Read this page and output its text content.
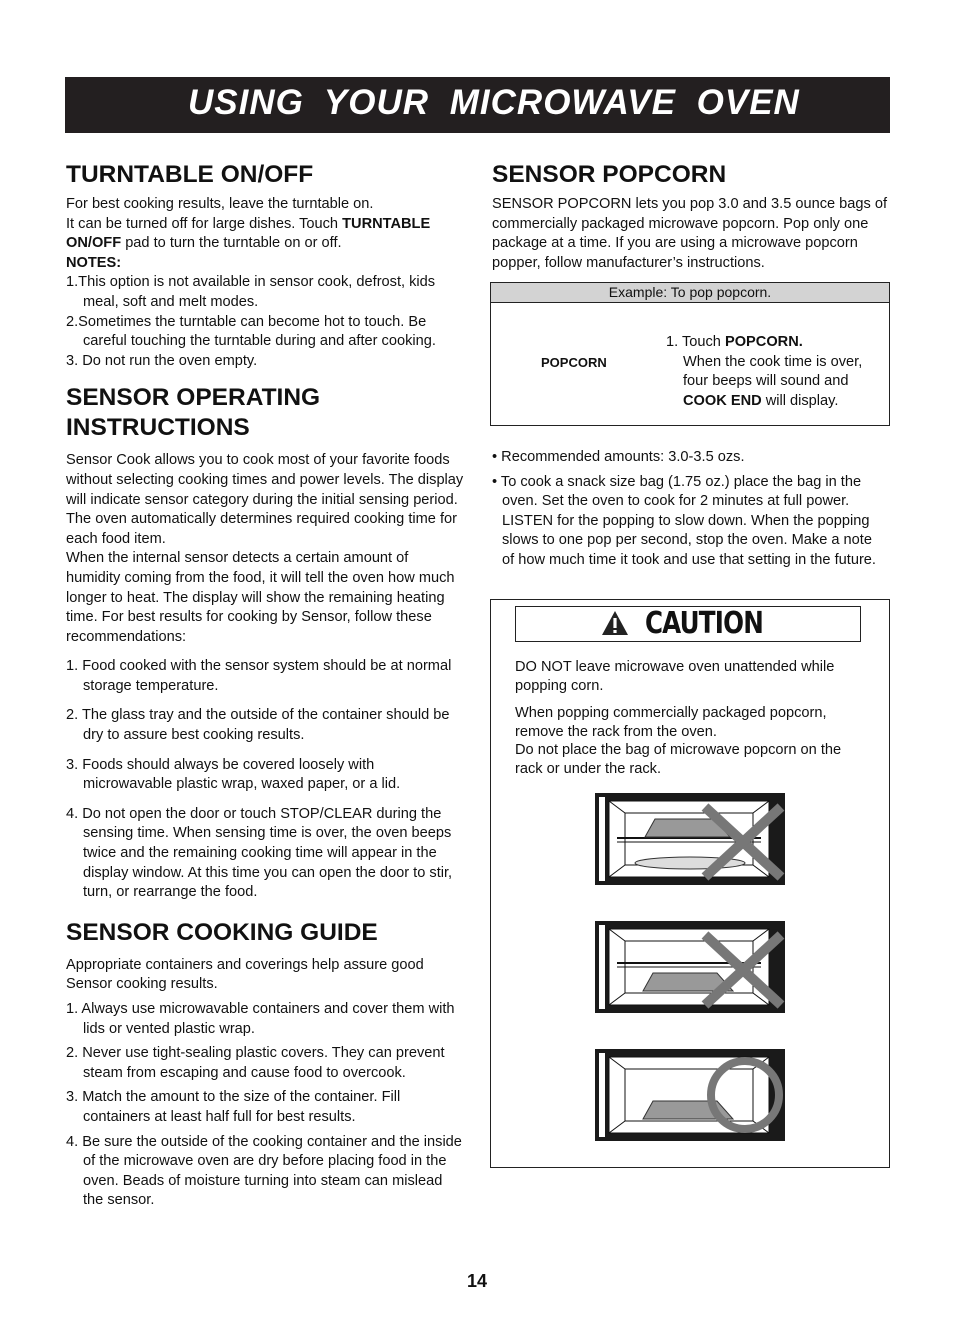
USING YOUR MICROWAVE OVEN
TURNTABLE ON/OFF

For best cooking results, leave the turntable on.

It can be turned off for large dishes. Touch TURNTABLE ON/OFF pad to turn the turntable on or off.

NOTES:

1.This option is not available in sensor cook, defrost, kids meal, soft and melt modes.
2.Sometimes the turntable can become hot to touch. Be careful touching the turntable during and after cooking.
3. Do not run the oven empty.
SENSOR OPERATING INSTRUCTIONS

Sensor Cook allows you to cook most of your favorite foods without selecting cooking times and power levels. The display will indicate sensor category during the initial sensing period. The oven automatically determines required cooking time for each food item.

When the internal sensor detects a certain amount of humidity coming from the food, it will tell the oven how much longer to heat. The display will show the remaining heating time. For best results for cooking by Sensor, follow these recommendations:

1. Food cooked with the sensor system should be at normal storage temperature.
2. The glass tray and the outside of the container should be dry to assure best cooking results.
3. Foods should always be covered loosely with microwavable plastic wrap, waxed paper, or a lid.
4. Do not open the door or touch STOP/CLEAR during the sensing time. When sensing time is over, the oven beeps twice and the remaining cooking time will appear in the display window. At this time you can open the door to stir, turn, or rearrange the food.
SENSOR COOKING GUIDE

Appropriate containers and coverings help assure good Sensor cooking results.

1. Always use microwavable containers and cover them with lids or vented plastic wrap.
2. Never use tight-sealing plastic covers. They can prevent steam from escaping and cause food to overcook.
3. Match the amount to the size of the container. Fill containers at least half full for best results.
4. Be sure the outside of the cooking container and the inside of the microwave oven are dry before placing food in the oven. Beads of moisture turning into steam can mislead the sensor.
SENSOR POPCORN

SENSOR POPCORN lets you pop 3.0 and 3.5 ounce bags of commercially packaged microwave popcorn. Pop only one package at a time. If you are using a microwave popcorn popper, follow manufacturer’s instructions.

Example: To pop popcorn.
POPCORN
1. Touch POPCORN.
When the cook time is over, four beeps will sound and COOK END will display.
• Recommended amounts: 3.0-3.5 ozs.
• To cook a snack size bag (1.75 oz.) place the bag in the oven. Set the oven to cook for 2 minutes at full power. LISTEN for the popping to slow down. When the popping slows to one pop per second, stop the oven. Make a note of how much time it took and use that setting in the future.
CAUTION

DO NOT leave microwave oven unattended while popping corn.

When popping commercially packaged popcorn, remove the rack from the oven.

Do not place the bag of microwave popcorn on the rack or under the rack.

14
